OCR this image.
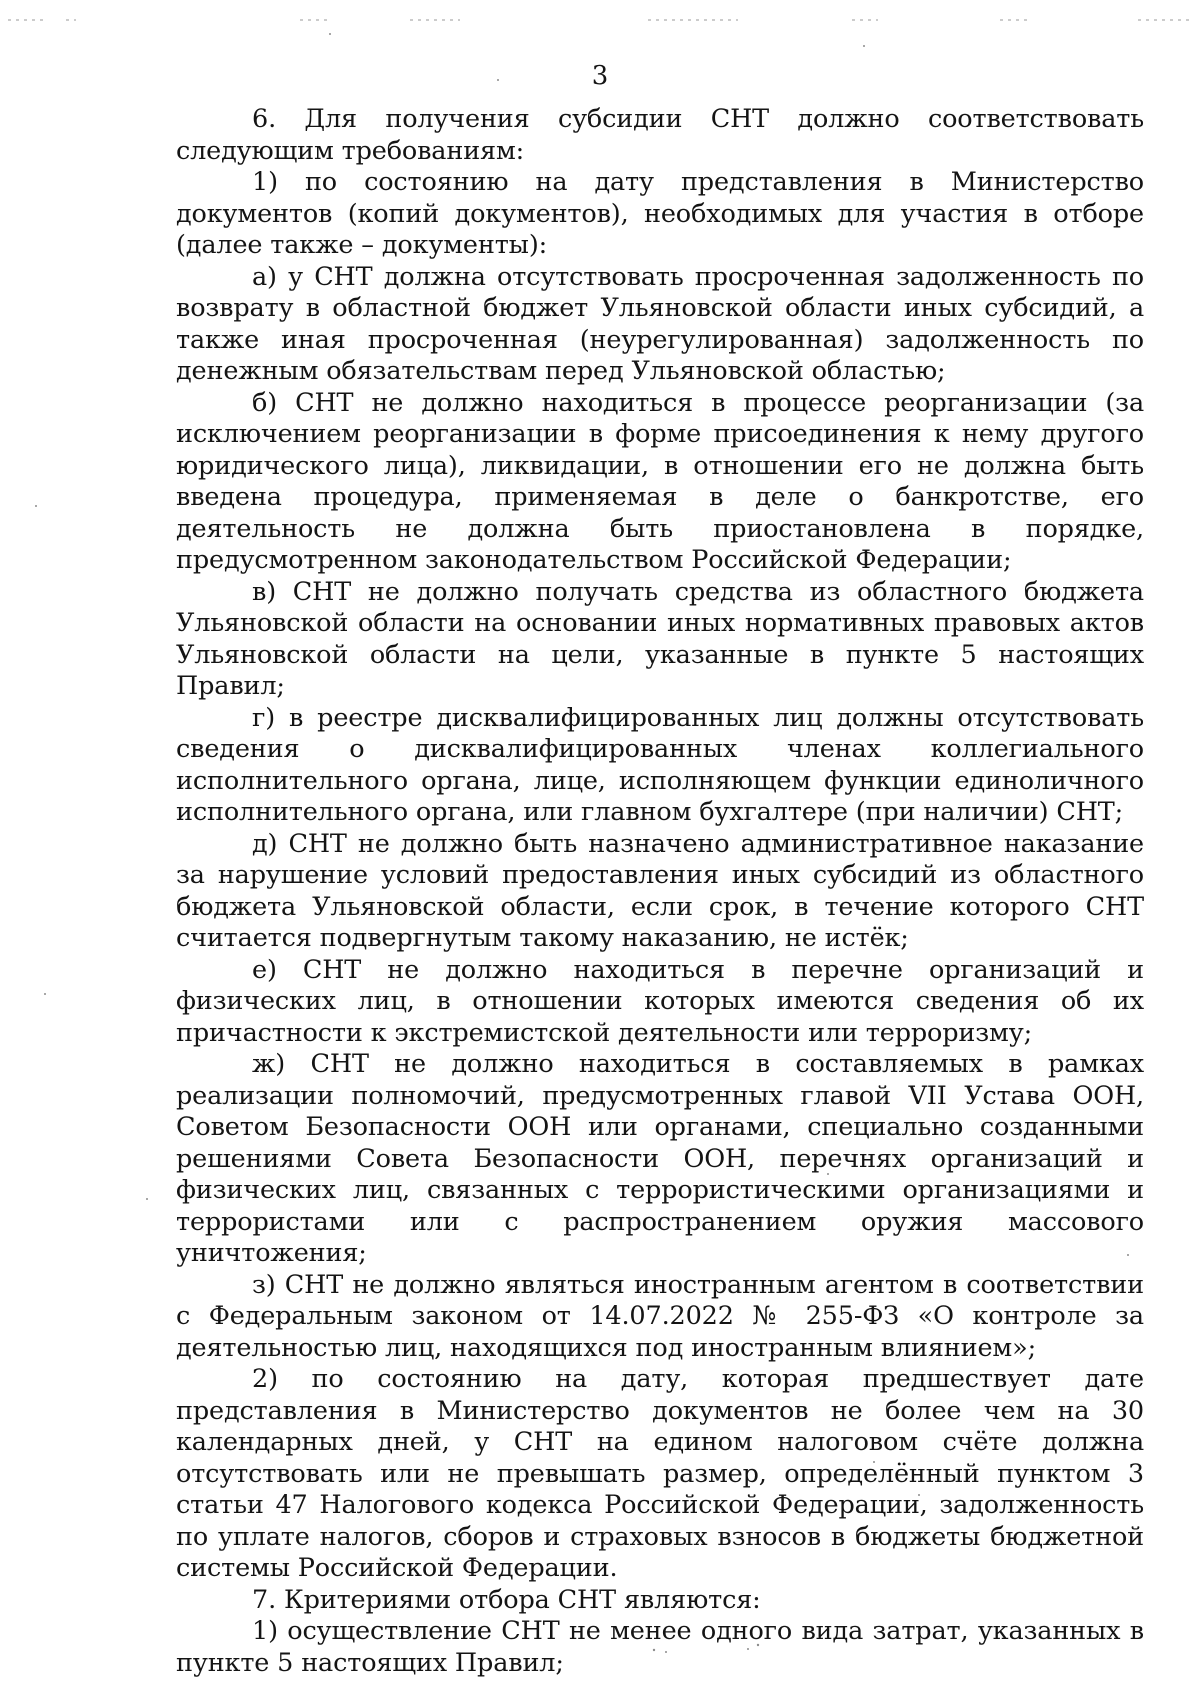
3

6. Для получения субсидии СНТ должно соответствовать следующим требованиям:

1) по состоянию на дату представления в Министерство документов (копий документов), необходимых для участия в отборе (далее также – документы):

а) у СНТ должна отсутствовать просроченная задолженность по возврату в областной бюджет Ульяновской области иных субсидий, а также иная просроченная (неурегулированная) задолженность по денежным обязательствам перед Ульяновской областью;

б) СНТ не должно находиться в процессе реорганизации (за исключением реорганизации в форме присоединения к нему другого юридического лица), ликвидации, в отношении его не должна быть введена процедура, применяемая в деле о банкротстве, его деятельность не должна быть приостановлена в порядке, предусмотренном законодательством Российской Федерации;

в) СНТ не должно получать средства из областного бюджета Ульяновской области на основании иных нормативных правовых актов Ульяновской области на цели, указанные в пункте 5 настоящих Правил;

г) в реестре дисквалифицированных лиц должны отсутствовать сведения о дисквалифицированных членах коллегиального исполнительного органа, лице, исполняющем функции единоличного исполнительного органа, или главном бухгалтере (при наличии) СНТ;

д) СНТ не должно быть назначено административное наказание за нарушение условий предоставления иных субсидий из областного бюджета Ульяновской области, если срок, в течение которого СНТ считается подвергнутым такому наказанию, не истёк;

е) СНТ не должно находиться в перечне организаций и физических лиц, в отношении которых имеются сведения об их причастности к экстремистской деятельности или терроризму;

ж) СНТ не должно находиться в составляемых в рамках реализации полномочий, предусмотренных главой VII Устава ООН, Советом Безопасности ООН или органами, специально созданными решениями Совета Безопасности ООН, перечнях организаций и физических лиц, связанных с террористическими организациями и террористами или с распространением оружия массового уничтожения;

з) СНТ не должно являться иностранным агентом в соответствии с Федеральным законом от 14.07.2022 № 255-ФЗ «О контроле за деятельностью лиц, находящихся под иностранным влиянием»;

2) по состоянию на дату, которая предшествует дате представления в Министерство документов не более чем на 30 календарных дней, у СНТ на едином налоговом счёте должна отсутствовать или не превышать размер, определённый пунктом 3 статьи 47 Налогового кодекса Российской Федерации, задолженность по уплате налогов, сборов и страховых взносов в бюджеты бюджетной системы Российской Федерации.

7. Критериями отбора СНТ являются:

1) осуществление СНТ не менее одного вида затрат, указанных в пункте 5 настоящих Правил;
